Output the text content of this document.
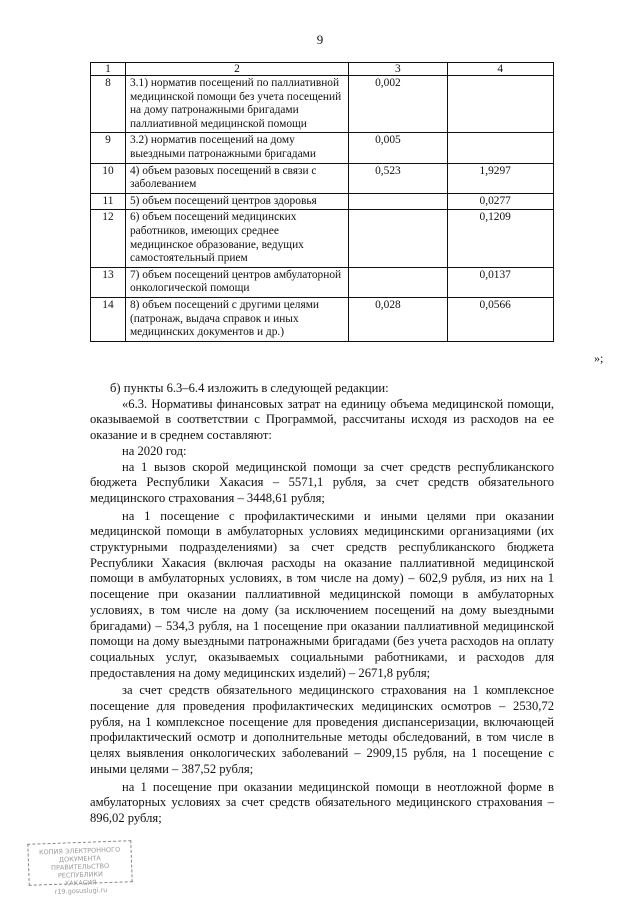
9
1	2	3	4
8	3.1) норматив посещений по паллиативной медицинской помощи без учета посещений на дому патронажными бригадами паллиативной медицинской помощи	0,002	
9	3.2) норматив посещений на дому выездными патронажными бригадами	0,005	
10	4) объем разовых посещений в связи с заболеванием	0,523	1,9297
11	5) объем посещений центров здоровья		0,0277
12	6) объем посещений медицинских работников, имеющих среднее медицинское образование, ведущих самостоятельный прием		0,1209
13	7) объем посещений центров амбулаторной онкологической помощи		0,0137
14	8) объем посещений с другими целями (патронаж, выдача справок и иных медицинских документов и др.)	0,028	0,0566
»;

б) пункты 6.3–6.4 изложить в следующей редакции:

«6.3. Нормативы финансовых затрат на единицу объема медицинской помощи, оказываемой в соответствии с Программой, рассчитаны исходя из расходов на ее оказание и в среднем составляют:

на 2020 год:

на 1 вызов скорой медицинской помощи за счет средств республиканского бюджета Республики Хакасия – 5571,1 рубля, за счет средств обязательного медицинского страхования – 3448,61 рубля;

на 1 посещение с профилактическими и иными целями при оказании медицинской помощи в амбулаторных условиях медицинскими организациями (их структурными подразделениями) за счет средств республиканского бюджета Республики Хакасия (включая расходы на оказание паллиативной медицинской помощи в амбулаторных условиях, в том числе на дому) – 602,9 рубля, из них на 1 посещение при оказании паллиативной медицинской помощи в амбулаторных условиях, в том числе на дому (за исключением посещений на дому выездными бригадами) – 534,3 рубля, на 1 посещение при оказании паллиативной медицинской помощи на дому выездными патронажными бригадами (без учета расходов на оплату социальных услуг, оказываемых социальными работниками, и расходов для предоставления на дому медицинских изделий) – 2671,8 рубля;

за счет средств обязательного медицинского страхования на 1 комплексное посещение для проведения профилактических медицинских осмотров – 2530,72 рубля, на 1 комплексное посещение для проведения диспансеризации, включающей профилактический осмотр и дополнительные методы обследований, в том числе в целях выявления онкологических заболеваний – 2909,15 рубля, на 1 посещение с иными целями – 387,52 рубля;

на 1 посещение при оказании медицинской помощи в неотложной форме в амбулаторных условиях за счет средств обязательного медицинского страхования – 896,02 рубля;

КОПИЯ ЭЛЕКТРОННОГО ДОКУМЕНТА
ПРАВИТЕЛЬСТВО РЕСПУБЛИКИ
ХАКАСИЯ
r19.gosuslugi.ru
